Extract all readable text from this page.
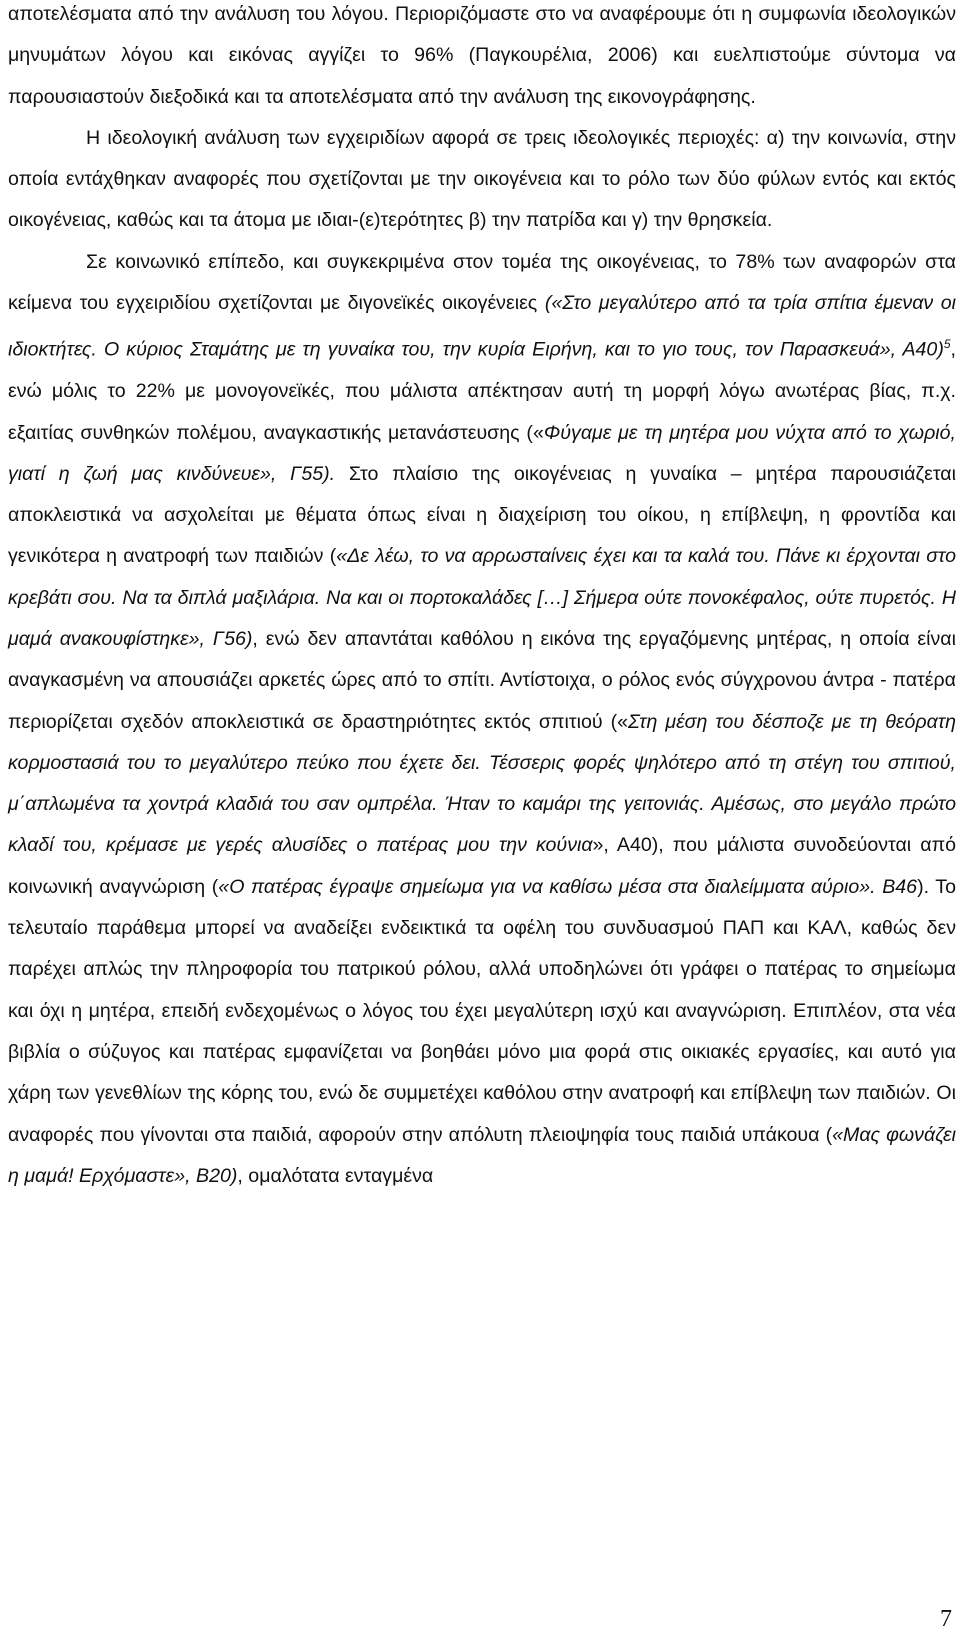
αποτελέσματα από την ανάλυση του λόγου. Περιοριζόμαστε στο να αναφέρουμε ότι η συμφωνία ιδεολογικών μηνυμάτων λόγου και εικόνας αγγίζει το 96% (Παγκουρέλια, 2006) και ευελπιστούμε σύντομα να παρουσιαστούν διεξοδικά και τα αποτελέσματα από την ανάλυση της εικονογράφησης.

Η ιδεολογική ανάλυση των εγχειριδίων αφορά σε τρεις ιδεολογικές περιοχές: α) την κοινωνία, στην οποία εντάχθηκαν αναφορές που σχετίζονται με την οικογένεια και το ρόλο των δύο φύλων εντός και εκτός οικογένειας, καθώς και τα άτομα με ιδιαι-(ε)τερότητες β) την πατρίδα και γ) την θρησκεία.

Σε κοινωνικό επίπεδο, και συγκεκριμένα στον τομέα της οικογένειας, το 78% των αναφορών στα κείμενα του εγχειριδίου σχετίζονται με διγονεϊκές οικογένειες («Στο μεγαλύτερο από τα τρία σπίτια έμεναν οι ιδιοκτήτες. Ο κύριος Σταμάτης με τη γυναίκα του, την κυρία Ειρήνη, και το γιο τους, τον Παρασκευά», Α40)$^5$, ενώ μόλις το 22% με μονογονεϊκές, που μάλιστα απέκτησαν αυτή τη μορφή λόγω ανωτέρας βίας, π.χ. εξαιτίας συνθηκών πολέμου, αναγκαστικής μετανάστευσης («Φύγαμε με τη μητέρα μου νύχτα από το χωριό, γιατί η ζωή μας κινδύνευε», Γ55). Στο πλαίσιο της οικογένειας η γυναίκα – μητέρα παρουσιάζεται αποκλειστικά να ασχολείται με θέματα όπως είναι η διαχείριση του οίκου, η επίβλεψη, η φροντίδα και γενικότερα η ανατροφή των παιδιών («Δε λέω, το να αρρωσταίνεις έχει και τα καλά του. Πάνε κι έρχονται στο κρεβάτι σου. Να τα διπλά μαξιλάρια. Να και οι πορτοκαλάδες […] Σήμερα ούτε πονοκέφαλος, ούτε πυρετός. Η μαμά ανακουφίστηκε», Γ56), ενώ δεν απαντάται καθόλου η εικόνα της εργαζόμενης μητέρας, η οποία είναι αναγκασμένη να απουσιάζει αρκετές ώρες από το σπίτι. Αντίστοιχα, ο ρόλος ενός σύγχρονου άντρα - πατέρα περιορίζεται σχεδόν αποκλειστικά σε δραστηριότητες εκτός σπιτιού («Στη μέση του δέσποζε με τη θεόρατη κορμοστασιά του το μεγαλύτερο πεύκο που έχετε δει. Τέσσερις φορές ψηλότερο από τη στέγη του σπιτιού, μ΄απλωμένα τα χοντρά κλαδιά του σαν ομπρέλα. Ήταν το καμάρι της γειτονιάς. Αμέσως, στο μεγάλο πρώτο κλαδί του, κρέμασε με γερές αλυσίδες ο πατέρας μου την κούνια», Α40), που μάλιστα συνοδεύονται από κοινωνική αναγνώριση («Ο πατέρας έγραψε σημείωμα για να καθίσω μέσα στα διαλείμματα αύριο». Β46). Το τελευταίο παράθεμα μπορεί να αναδείξει ενδεικτικά τα οφέλη του συνδυασμού ΠΑΠ και ΚΑΛ, καθώς δεν παρέχει απλώς την πληροφορία του πατρικού ρόλου, αλλά υποδηλώνει ότι γράφει ο πατέρας το σημείωμα και όχι η μητέρα, επειδή ενδεχομένως ο λόγος του έχει μεγαλύτερη ισχύ και αναγνώριση. Επιπλέον, στα νέα βιβλία ο σύζυγος και πατέρας εμφανίζεται να βοηθάει μόνο μια φορά στις οικιακές εργασίες, και αυτό για χάρη των γενεθλίων της κόρης του, ενώ δε συμμετέχει καθόλου στην ανατροφή και επίβλεψη των παιδιών. Οι αναφορές που γίνονται στα παιδιά, αφορούν στην απόλυτη πλειοψηφία τους παιδιά υπάκουα («Μας φωνάζει η μαμά! Ερχόμαστε», Β20), ομαλότατα ενταγμένα

7
